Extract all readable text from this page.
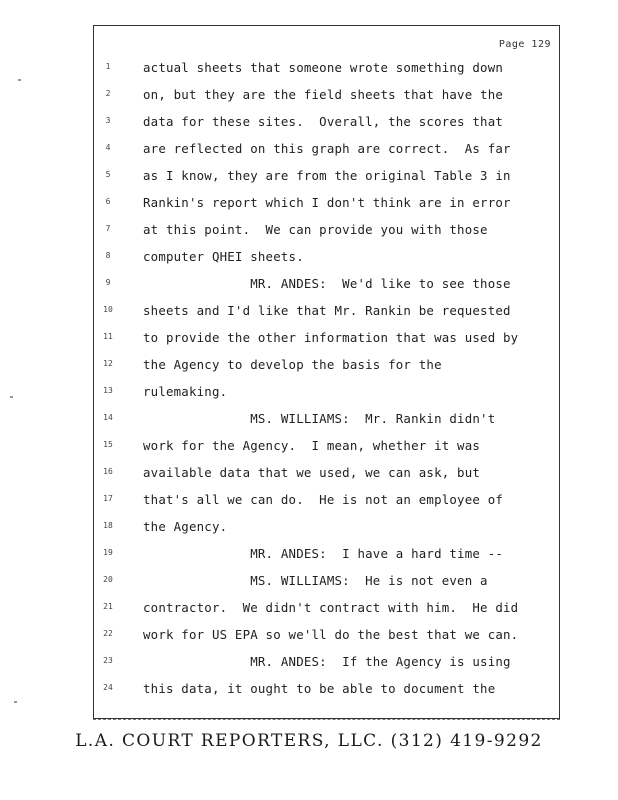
Page 129

1

	actual sheets that someone wrote something down

2

	on, but they are the field sheets that have the

3

	data for these sites.  Overall, the scores that

4

	are reflected on this graph are correct.  As far

5

	as I know, they are from the original Table 3 in

6

	Rankin's report which I don't think are in error

7

	at this point.  We can provide you with those

8

	computer QHEI sheets.

9

	MR. ANDES:  We'd like to see those

10

sheets and I'd like that Mr. Rankin be requested

11

to provide the other information that was used by

12

the Agency to develop the basis for the

13

rulemaking.

14

MS. WILLIAMS:  Mr. Rankin didn't

15

work for the Agency.  I mean, whether it was

16

available data that we used, we can ask, but

17

that's all we can do.  He is not an employee of

18

the Agency.

19

MR. ANDES:  I have a hard time --

20

MS. WILLIAMS:  He is not even a

21

contractor.  We didn't contract with him.  He did

22

work for US EPA so we'll do the best that we can.

23

MR. ANDES:  If the Agency is using

24

this data, it ought to be able to document the

L.A. COURT REPORTERS, LLC. (312) 419-9292
